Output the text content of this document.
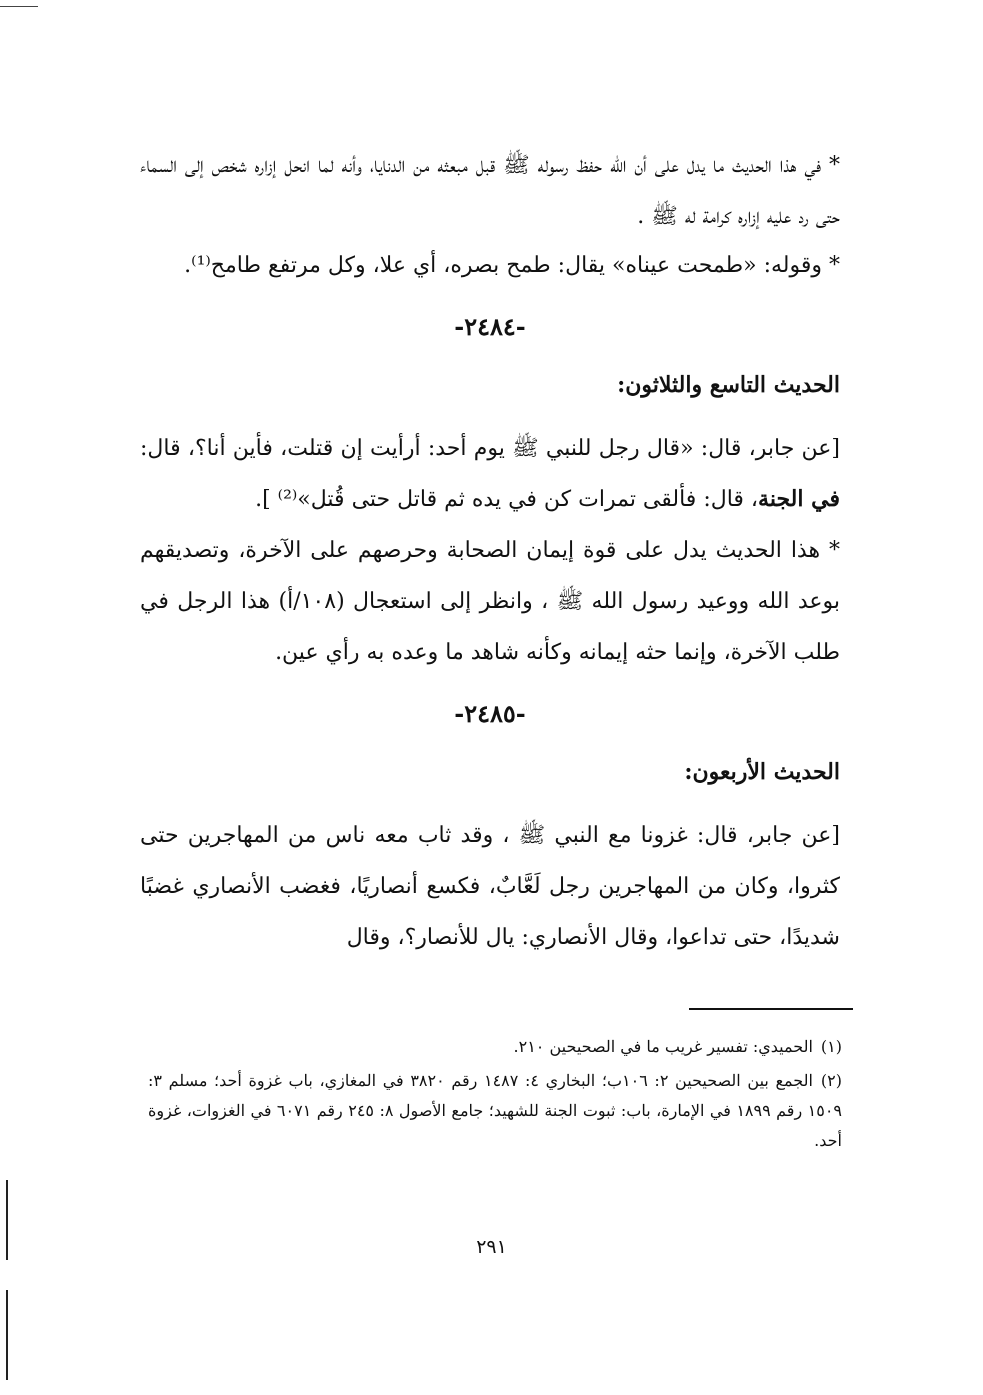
* في هذا الحديث ما يدل على أن الله حفظ رسوله ﷺ قبل مبعثه من الدنايا، وأنه لما انحل إزاره شخص إلى السماء حتى رد عليه إزاره كرامة له ﷺ .

* وقوله: «طمحت عيناه» يقال: طمح بصره، أي علا، وكل مرتفع طامح⁽¹⁾.

-٢٤٨٤-
الحديث التاسع والثلاثون:

[عن جابر، قال: «قال رجل للنبي ﷺ يوم أحد: أرأيت إن قتلت، فأين أنا؟، قال: في الجنة، قال: فألقى تمرات كن في يده ثم قاتل حتى قُتل»⁽²⁾ ].

* هذا الحديث يدل على قوة إيمان الصحابة وحرصهم على الآخرة، وتصديقهم بوعد الله ووعيد رسول الله ﷺ ، وانظر إلى استعجال (١٠٨/أ) هذا الرجل في طلب الآخرة، وإنما حثه إيمانه وكأنه شاهد ما وعده به رأي عين.

-٢٤٨٥-
الحديث الأربعون:

[عن جابر، قال: غزونا مع النبي ﷺ ، وقد ثاب معه ناس من المهاجرين حتى كثروا، وكان من المهاجرين رجل لَعَّابٌ، فكسع أنصاريًا، فغضب الأنصاري غضبًا شديدًا، حتى تداعوا، وقال الأنصاري: يال للأنصار؟، وقال

(١)الحميدي: تفسير غريب ما في الصحيحين ٢١٠.

(٢)الجمع بين الصحيحين ٢: ١٠٦ب؛ البخاري ٤: ١٤٨٧ رقم ٣٨٢٠ في المغازي، باب غزوة أحد؛ مسلم ٣: ١٥٠٩ رقم ١٨٩٩ في الإمارة، باب: ثبوت الجنة للشهيد؛ جامع الأصول ٨: ٢٤٥ رقم ٦٠٧١ في الغزوات، غزوة أحد.

٢٩١
